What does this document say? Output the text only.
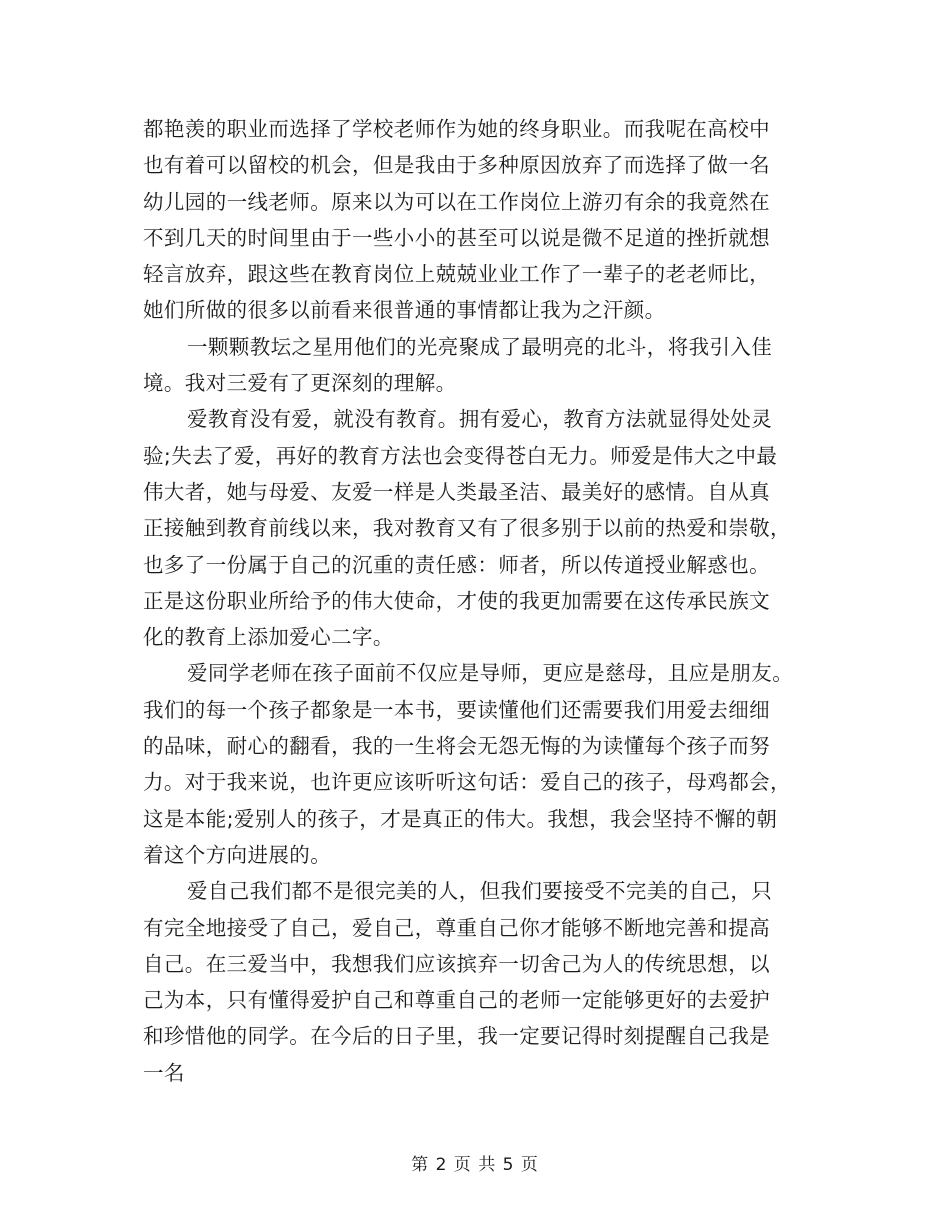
都艳羡的职业而选择了学校老师作为她的终身职业。而我呢在高校中
也有着可以留校的机会，但是我由于多种原因放弃了而选择了做一名
幼儿园的一线老师。原来以为可以在工作岗位上游刃有余的我竟然在
不到几天的时间里由于一些小小的甚至可以说是微不足道的挫折就想
轻言放弃，跟这些在教育岗位上兢兢业业工作了一辈子的老老师比，
她们所做的很多以前看来很普通的事情都让我为之汗颜。

一颗颗教坛之星用他们的光亮聚成了最明亮的北斗，将我引入佳
境。我对三爱有了更深刻的理解。

爱教育没有爱，就没有教育。拥有爱心，教育方法就显得处处灵
验;失去了爱，再好的教育方法也会变得苍白无力。师爱是伟大之中最
伟大者，她与母爱、友爱一样是人类最圣洁、最美好的感情。自从真
正接触到教育前线以来，我对教育又有了很多别于以前的热爱和崇敬，
也多了一份属于自己的沉重的责任感：师者，所以传道授业解惑也。
正是这份职业所给予的伟大使命，才使的我更加需要在这传承民族文
化的教育上添加爱心二字。

爱同学老师在孩子面前不仅应是导师，更应是慈母，且应是朋友。
我们的每一个孩子都象是一本书，要读懂他们还需要我们用爱去细细
的品味，耐心的翻看，我的一生将会无怨无悔的为读懂每个孩子而努
力。对于我来说，也许更应该听听这句话：爱自己的孩子，母鸡都会，
这是本能;爱别人的孩子，才是真正的伟大。我想，我会坚持不懈的朝
着这个方向进展的。

爱自己我们都不是很完美的人，但我们要接受不完美的自己，只
有完全地接受了自己，爱自己，尊重自己你才能够不断地完善和提高
自己。在三爱当中，我想我们应该摈弃一切舍己为人的传统思想，以
己为本，只有懂得爱护自己和尊重自己的老师一定能够更好的去爱护
和珍惜他的同学。在今后的日子里，我一定要记得时刻提醒自己我是
一名

第 2 页 共 5 页
